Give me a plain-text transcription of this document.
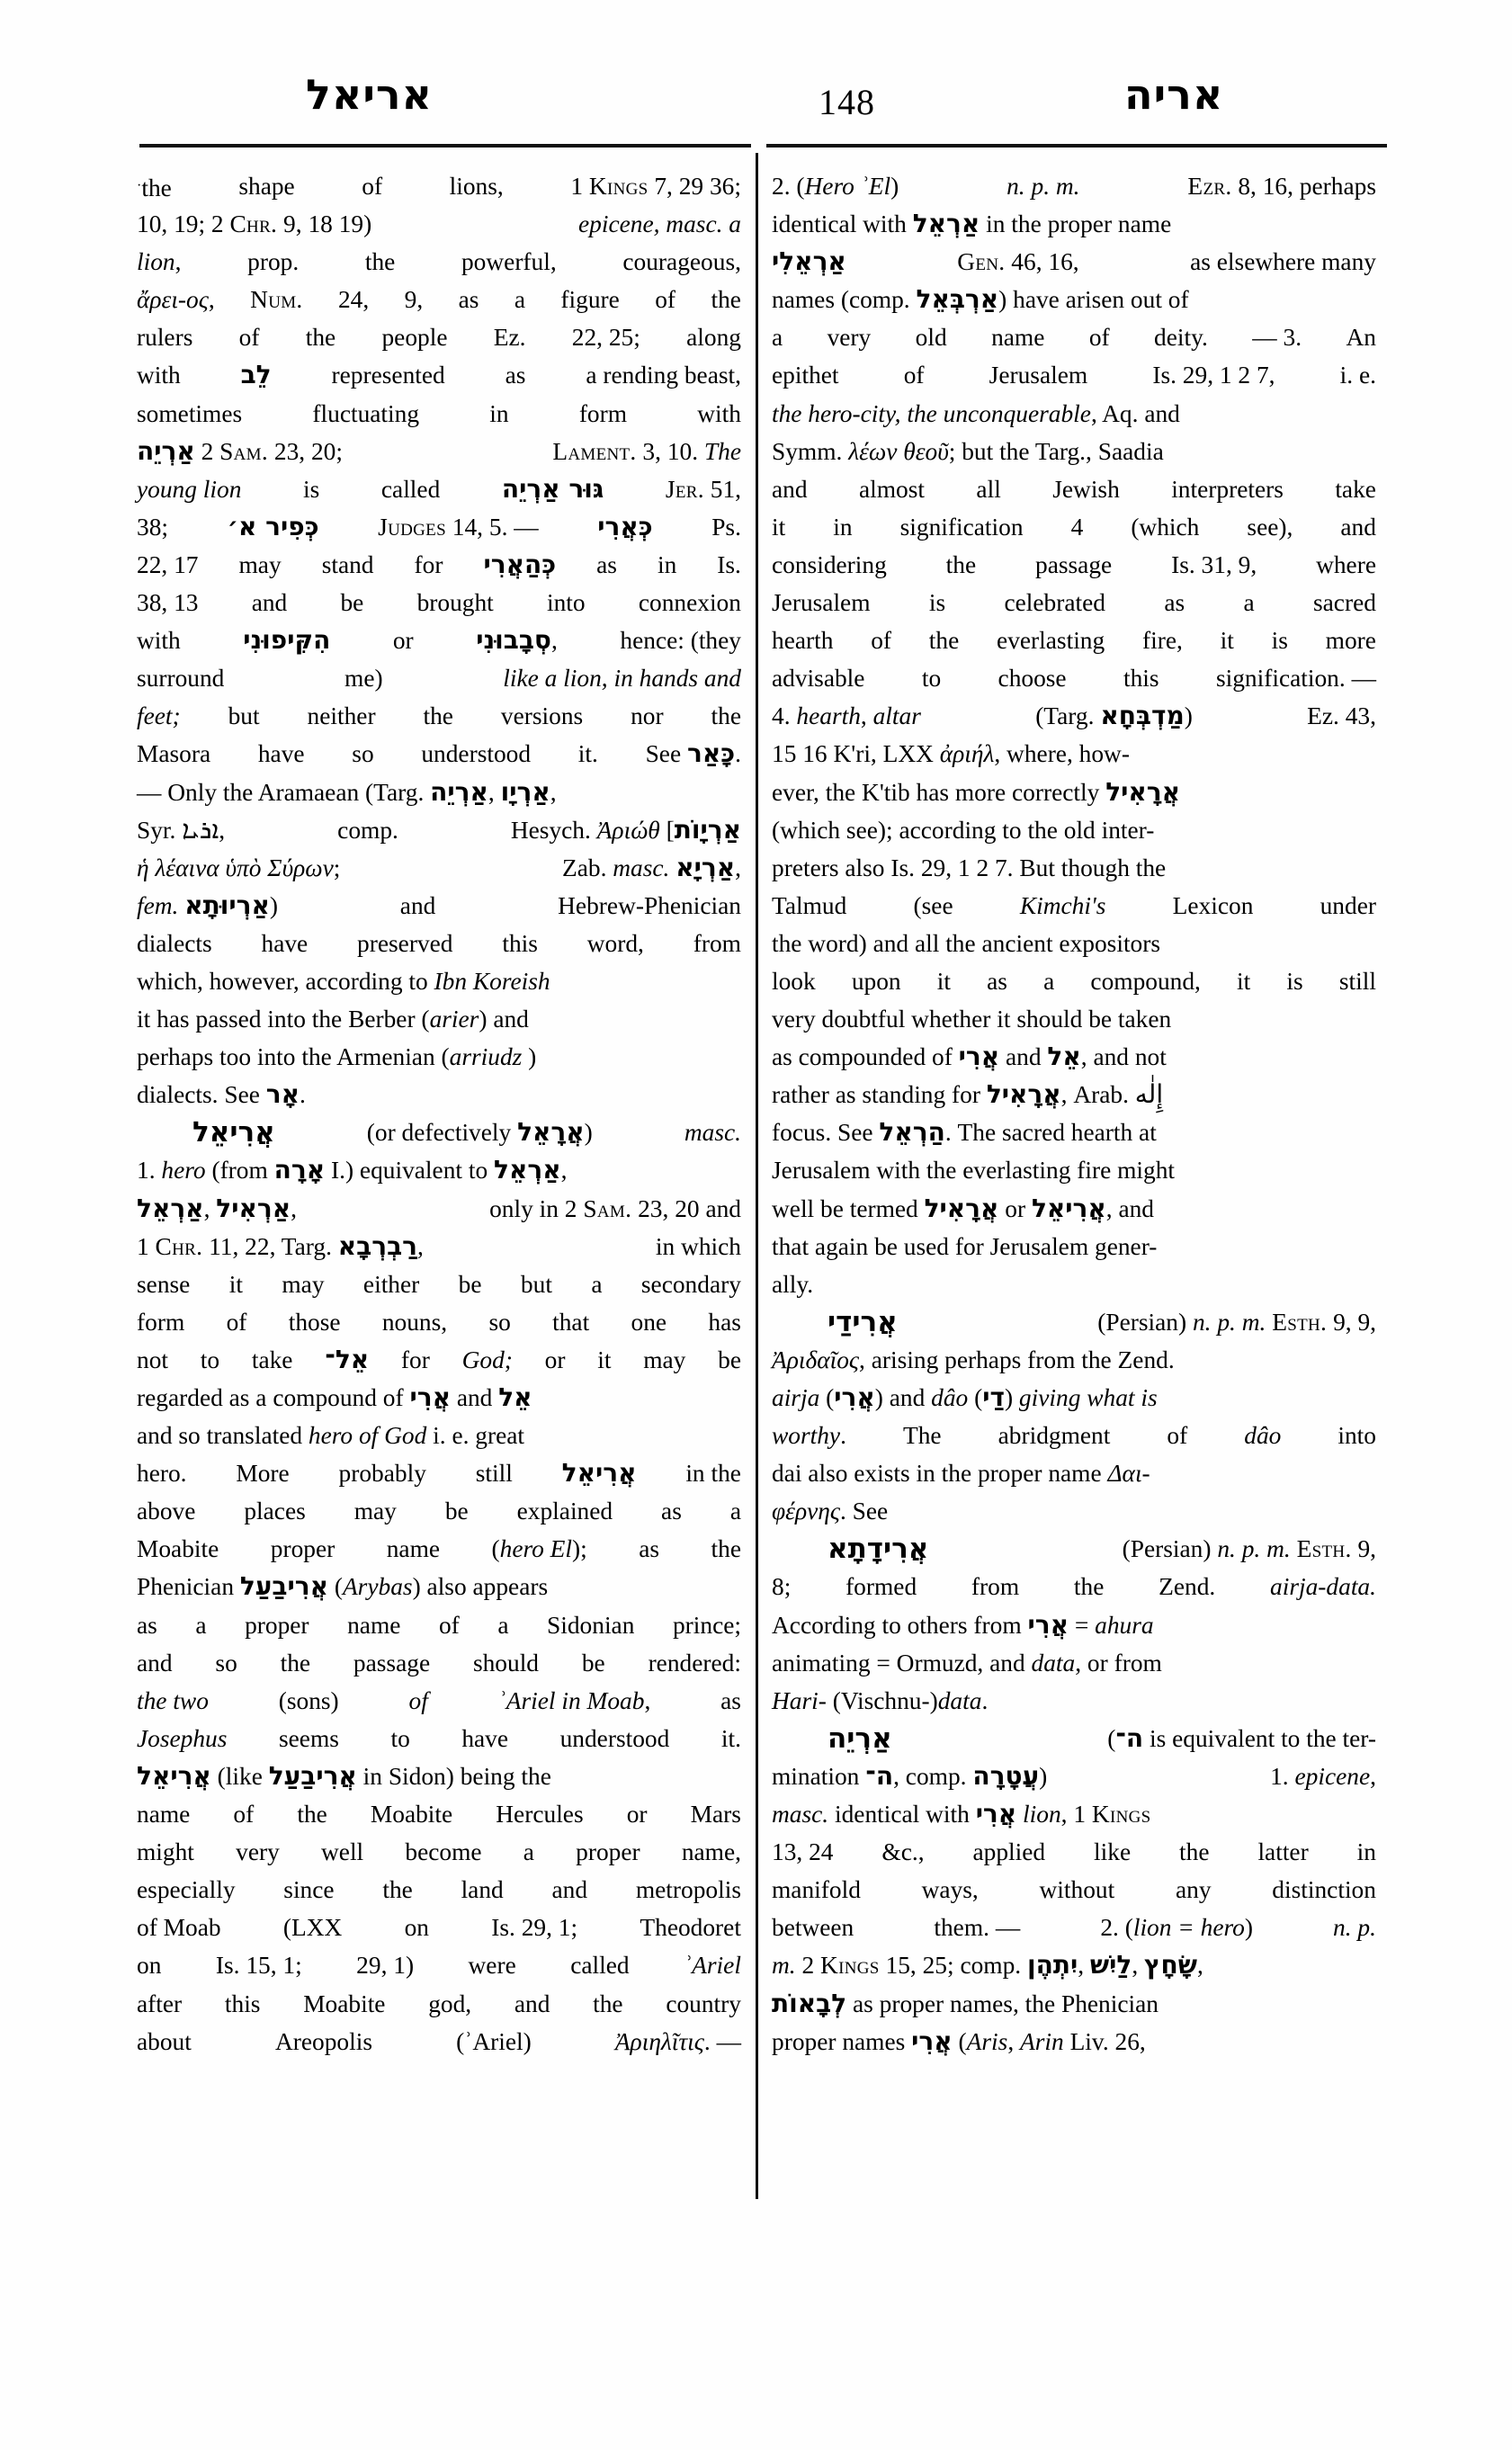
אריאל	148	אריה
·the	shape	of	lions,	1 Kings 7, 29 36;
10, 19; 2 Chr. 9, 18 19)	epicene, masc. a
lion,	prop.	the	powerful,	courageous,
ἄρει-ος, Num. 24, 9, as a figure of the
rulers of the people Ez. 22, 25; along
with לֵב represented as a rending beast,
sometimes	fluctuating	in	form	with
אַרְיֵה 2 Sam. 23, 20;	Lament. 3, 10. The
young lion	is	called גּוּר אַרְיֵה	Jer. 51,
38; כְּפִיר א׳ Judges 14, 5. — כְּאֲרִי Ps.
22, 17 may stand for כְּהַאֲרִי as in Is.
38, 13 and be brought into connexion
with הִקִּיפוּנִי	or סְבָבוּנִי,	hence: (they
surround	me)	like a lion, in hands and
feet; but neither the versions nor the
Masora have so understood it. See כָּאַר.
— Only the Aramaean (Targ. אַרְיֵה, אַרְיָו,
Syr. ܐܪܝܐ,	comp.	Hesych. Ἀριώθ [אַרְיָוֹת
ἡ λέαινα ὑπὸ Σύρων;	Zab. masc. אַרְיָא,
fem. אַרְיוּתָא)	and	Hebrew-Phenician
dialects have preserved this word, from
which, however, according to Ibn Koreish
it has passed into the Berber (arier) and
perhaps too into the Armenian (arriudz )
dialects. See אָר.
אֲרִיאֵל	(or defectively אֲרָאֵל)	masc.
1. hero (from אָרָה I.) equivalent to אַרְאֵל,
אַרְאֵל, אַרְאִיל,	only in 2 Sam. 23, 20 and
1 Chr. 11, 22, Targ. רַבְרְבָא,	in which
sense it may either be but a secondary
form of those nouns, so that one has
not to take אֵל־ for God; or it may be
regarded as a compound of אֲרִי and אֵל
and so translated hero of God i. e. great
hero. More probably still אֲרִיאֵל in the
above places may be explained as a
Moabite proper name (hero El); as the
Phenician אֲרִיבַעַל (Arybas) also appears
as a proper name of a Sidonian prince;
and so the passage should be rendered:
the two	(sons)	of	ʾAriel in Moab,	as
Josephus seems to have understood it.
אֲרִיאֵל (like אֲרִיבַעַל in Sidon) being the
name of the Moabite Hercules or Mars
might very well become a proper name,
especially since the land and metropolis
of Moab	(LXX	on	Is. 29, 1;	Theodoret
on Is. 15, 1; 29, 1) were called ʾAriel
after this Moabite god, and the country
about	Areopolis	(ʾAriel)	Ἀριηλῖτις. —
2. (Hero ʾEl)	n. p. m.	Ezr. 8, 16, perhaps
identical with אַרְאֵל in the proper name
אַרְאֵלִי	Gen. 46, 16,	as elsewhere many
names (comp. אַרְבְּאֵל) have arisen out of
a very old name of deity. — 3. An
epithet	of	Jerusalem	Is. 29, 1 2 7,	i. e.
the hero-city, the unconquerable, Aq. and
Symm. λέων θεοῦ; but the Targ., Saadia
and almost all Jewish interpreters take
it in signification 4 (which see), and
considering the passage Is. 31, 9, where
Jerusalem is celebrated as a sacred
hearth of the everlasting fire, it is more
advisable to choose this signification. —
4. hearth, altar	(Targ. מַדְבְּחָא)	Ez. 43,
15 16 K'ri, LXX ἀριήλ, where, how-
ever, the K'tib has more correctly אֲרָאִיל
(which see); according to the old inter-
preters also Is. 29, 1 2 7. But though the
Talmud	(see	Kimchi's	Lexicon	under
the word) and all the ancient expositors
look upon it as a compound, it is still
very doubtful whether it should be taken
as compounded of אֲרִי and אֵל, and not
rather as standing for אֲרָאִיל, Arab. إِلٰه
focus. See הַרְאֵל. The sacred hearth at
Jerusalem with the everlasting fire might
well be termed אֲרָאִיל or אֲרִיאֵל, and
that again be used for Jerusalem gener-
ally.
אֲרִידַי	(Persian) n. p. m. Esth. 9, 9,
Ἀριδαῖος, arising perhaps from the Zend.
airja (אֲרִי) and dâo (דַי) giving what is
worthy. The abridgment of dâo into
dai also exists in the proper name Δαι-
φέρνης. See
אֲרִידָתָא	(Persian) n. p. m. Esth. 9,
8; formed from the Zend. airja-data.
According to others from אֲרִי = ahura
animating = Ormuzd, and data, or from
Hari- (Vischnu-)data.
אַרְיֵה	(ה־ is equivalent to the ter-
mination ה־, comp. עֲטָרָה)	1. epicene,
masc. identical with אֲרִי lion, 1 Kings
13, 24 &c., applied like the latter in
manifold ways, without any distinction
between	them. —	2. (lion = hero)	n. p.
m. 2 Kings 15, 25; comp. יִתְהֶן, לַיִשׁ, שָׂחָץ,
לְבָאוֹת as proper names, the Phenician
proper names אֲרִי (Aris, Arin Liv. 26,
